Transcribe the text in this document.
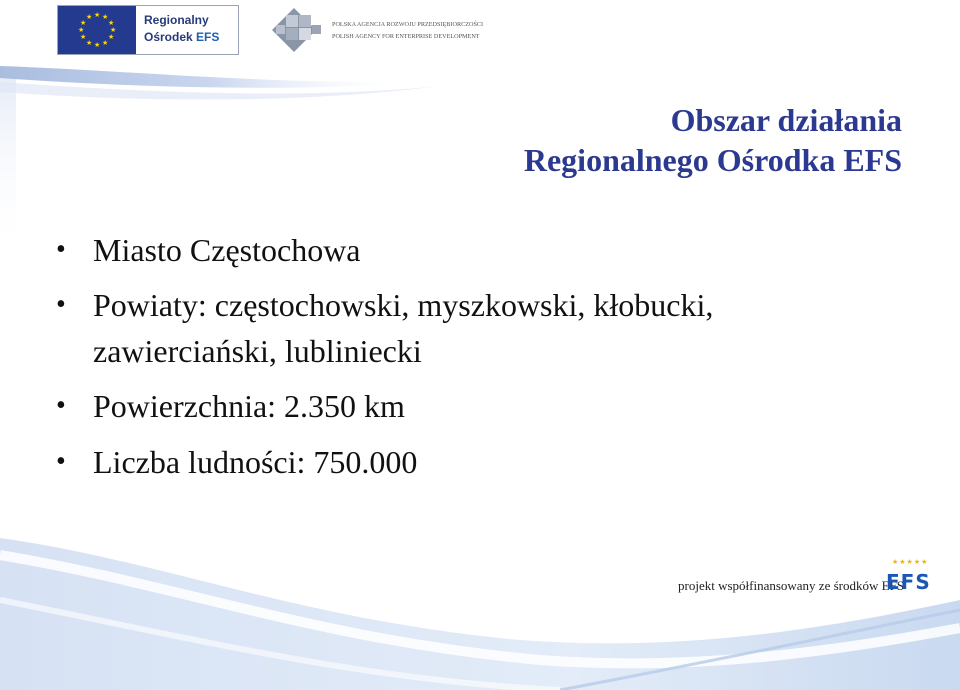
★ ★
★
★
★
★
★
★
★
★
★
★	Regionalny
Ośrodek EFS
POLSKA AGENCJA ROZWOJU PRZEDSIĘBIORCZOŚCI
POLISH AGENCY FOR ENTERPRISE DEVELOPMENT
Obszar działania
Regionalnego Ośrodka EFS
• Miasto Częstochowa
• Powiaty: częstochowski, myszkowski, kłobucki,
zawierciański, lubliniecki
• Powierzchnia: 2.350 km
• Liczba ludności: 750.000
projekt współfinansowany ze środków EFS
★★★★★
EFS
